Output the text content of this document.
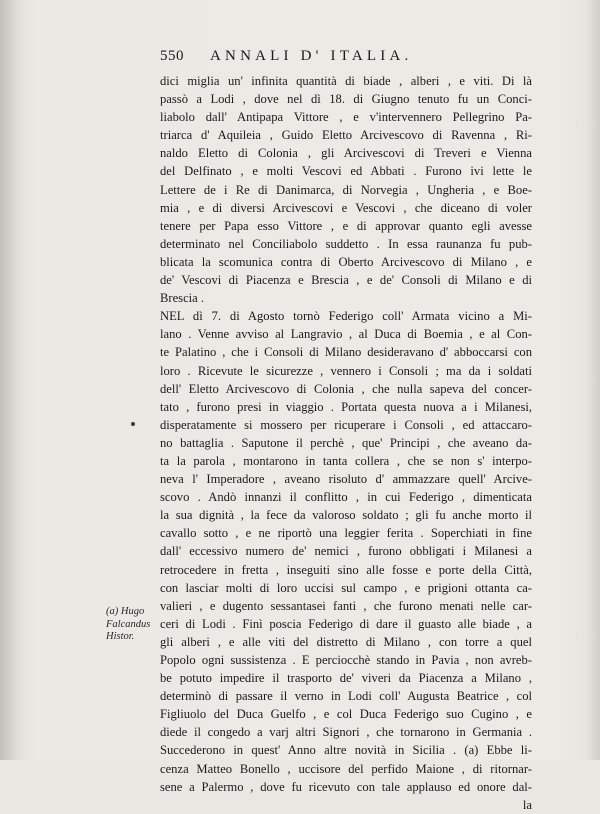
550 ANNALI D' ITALIA.
dici miglia un' infinita quantità di biade , alberi , e viti. Di là
passò a Lodi , dove nel dì 18. di Giugno tenuto fu un Conci-
liabolo dall' Antipapa Vittore , e v'intervennero Pellegrino Pa-
triarca d' Aquileia , Guido Eletto Arcivescovo di Ravenna , Ri-
naldo Eletto di Colonia , gli Arcivescovi di Treveri e Vienna
del Delfinato , e molti Vescovi ed Abbati . Furono ivi lette le
Lettere de i Re di Danimarca, di Norvegia , Ungheria , e Boe-
mia , e di diversi Arcivescovi e Vescovi , che diceano di voler
tenere per Papa esso Vittore , e di approvar quanto egli avesse
determinato nel Conciliabolo suddetto . In essa raunanza fu pub-
blicata la scomunica contra di Oberto Arcivescovo di Milano , e
de' Vescovi di Piacenza e Brescia , e de' Consoli di Milano e di
Brescia .
NEL dì 7. di Agosto tornò Federigo coll' Armata vicino a Mi-
lano . Venne avviso al Langravio , al Duca di Boemia , e al Con-
te Palatino , che i Consoli di Milano desideravano d' abboccarsi con
loro . Ricevute le sicurezze , vennero i Consoli ; ma da i soldati
dell' Eletto Arcivescovo di Colonia , che nulla sapeva del concer-
tato , furono presi in viaggio . Portata questa nuova a i Milanesi,
disperatamente si mossero per ricuperare i Consoli , ed attaccaro-
no battaglia . Saputone il perchè , que' Principi , che aveano da-
ta la parola , montarono in tanta collera , che se non s' interpo-
neva l' Imperadore , aveano risoluto d' ammazzare quell' Arcive-
scovo . Andò innanzi il conflitto , in cui Federigo , dimenticata
la sua dignità , la fece da valoroso soldato ; gli fu anche morto il
cavallo sotto , e ne riportò una leggier ferita . Soperchiati in fine
dall' eccessivo numero de' nemici , furono obbligati i Milanesi a
retrocedere in fretta , inseguiti sino alle fosse e porte della Città,
con lasciar molti di loro uccisi sul campo , e prigioni ottanta ca-
valieri , e dugento sessantasei fanti , che furono menati nelle car-
ceri di Lodi . Finì poscia Federigo di dare il guasto alle biade , a
gli alberi , e alle viti del distretto di Milano , con torre a quel
Popolo ogni sussistenza . E perciocchè stando in Pavia , non avreb-
be potuto impedire il trasporto de' viveri da Piacenza a Milano ,
determinò di passare il verno in Lodi coll' Augusta Beatrice , col
Figliuolo del Duca Guelfo , e col Duca Federigo suo Cugino , e
diede il congedo a varj altri Signori , che tornarono in Germania .
Succederono in quest' Anno altre novità in Sicilia . (a) Ebbe li-
cenza Matteo Bonello , uccisore del perfido Maione , di ritornar-
sene a Palermo , dove fu ricevuto con tale applauso ed onore dal-
la
(a) Hugo
Falcandus
Histor.
